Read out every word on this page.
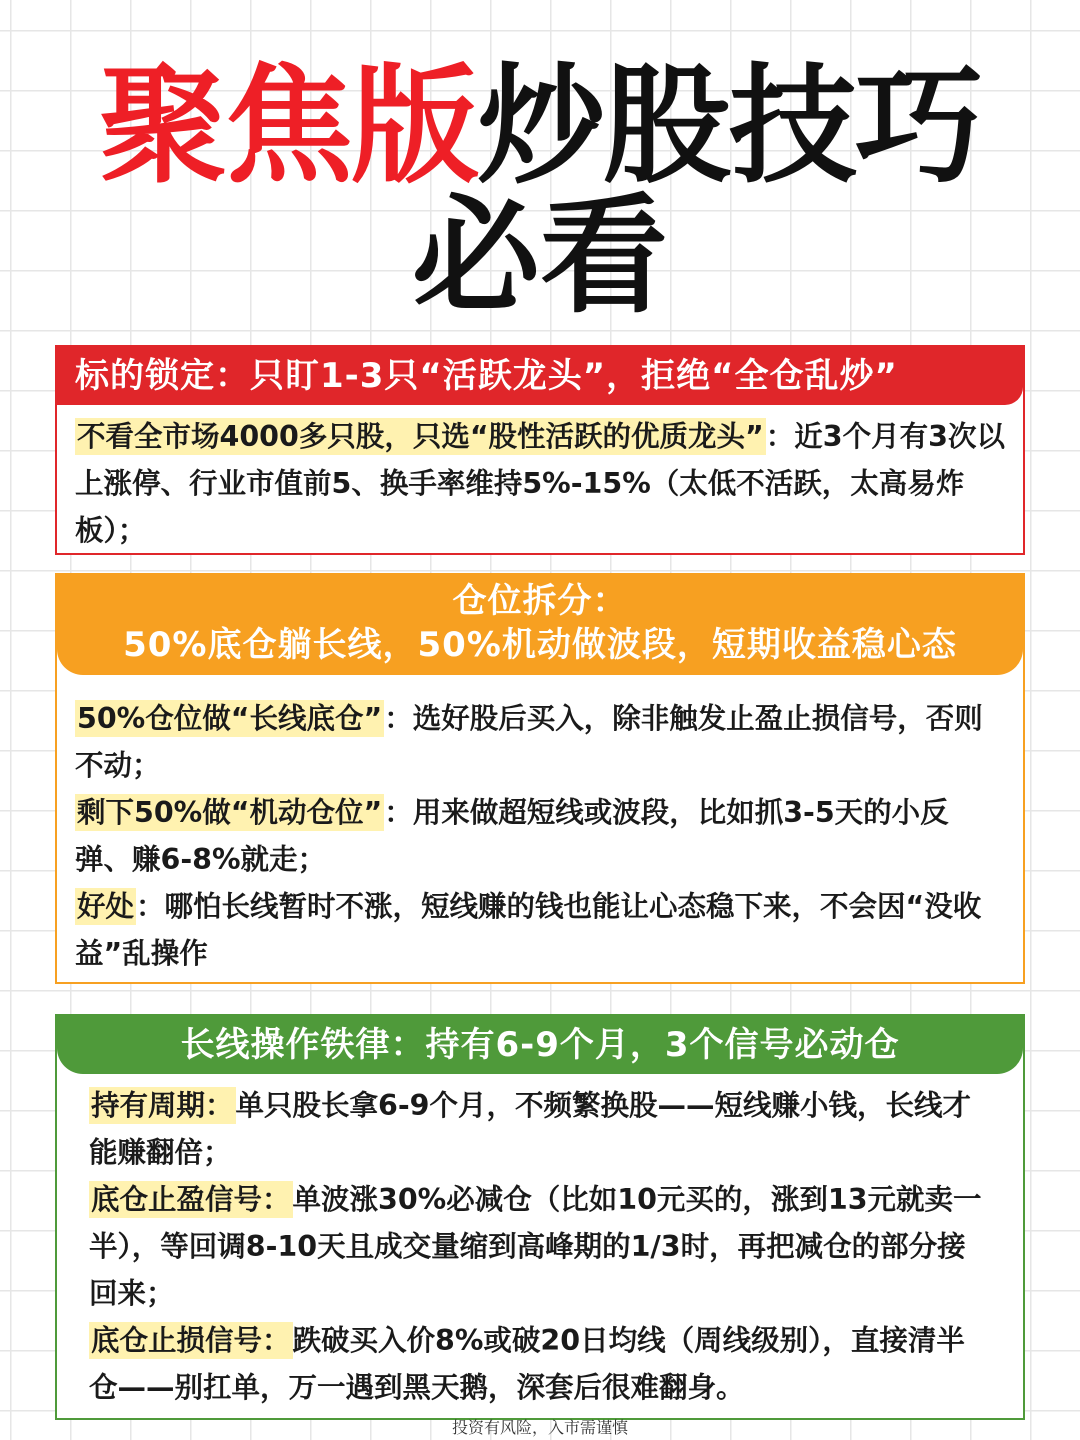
聚焦版炒股技巧
必看
标的锁定：只盯1-3只“活跃龙头”，拒绝“全仓乱炒”
不看全市场4000多只股，只选“股性活跃的优质龙头”：近3个月有3次以上涨停、行业市值前5、换手率维持5%-15%（太低不活跃，太高易炸板）；
仓位拆分：
50%底仓躺长线，50%机动做波段，短期收益稳心态
50%仓位做“长线底仓”：选好股后买入，除非触发止盈止损信号，否则不动；
剩下50%做“机动仓位”：用来做超短线或波段，比如抓3-5天的小反弹、赚6-8%就走；
好处：哪怕长线暂时不涨，短线赚的钱也能让心态稳下来，不会因“没收益”乱操作
长线操作铁律：持有6-9个月，3个信号必动仓
持有周期：单只股长拿6-9个月，不频繁换股——短线赚小钱，长线才能赚翻倍；
底仓止盈信号：单波涨30%必减仓（比如10元买的，涨到13元就卖一半），等回调8-10天且成交量缩到高峰期的1/3时，再把减仓的部分接回来；
底仓止损信号：跌破买入价8%或破20日均线（周线级别），直接清半仓——别扛单，万一遇到黑天鹅，深套后很难翻身。
投资有风险，入市需谨慎
